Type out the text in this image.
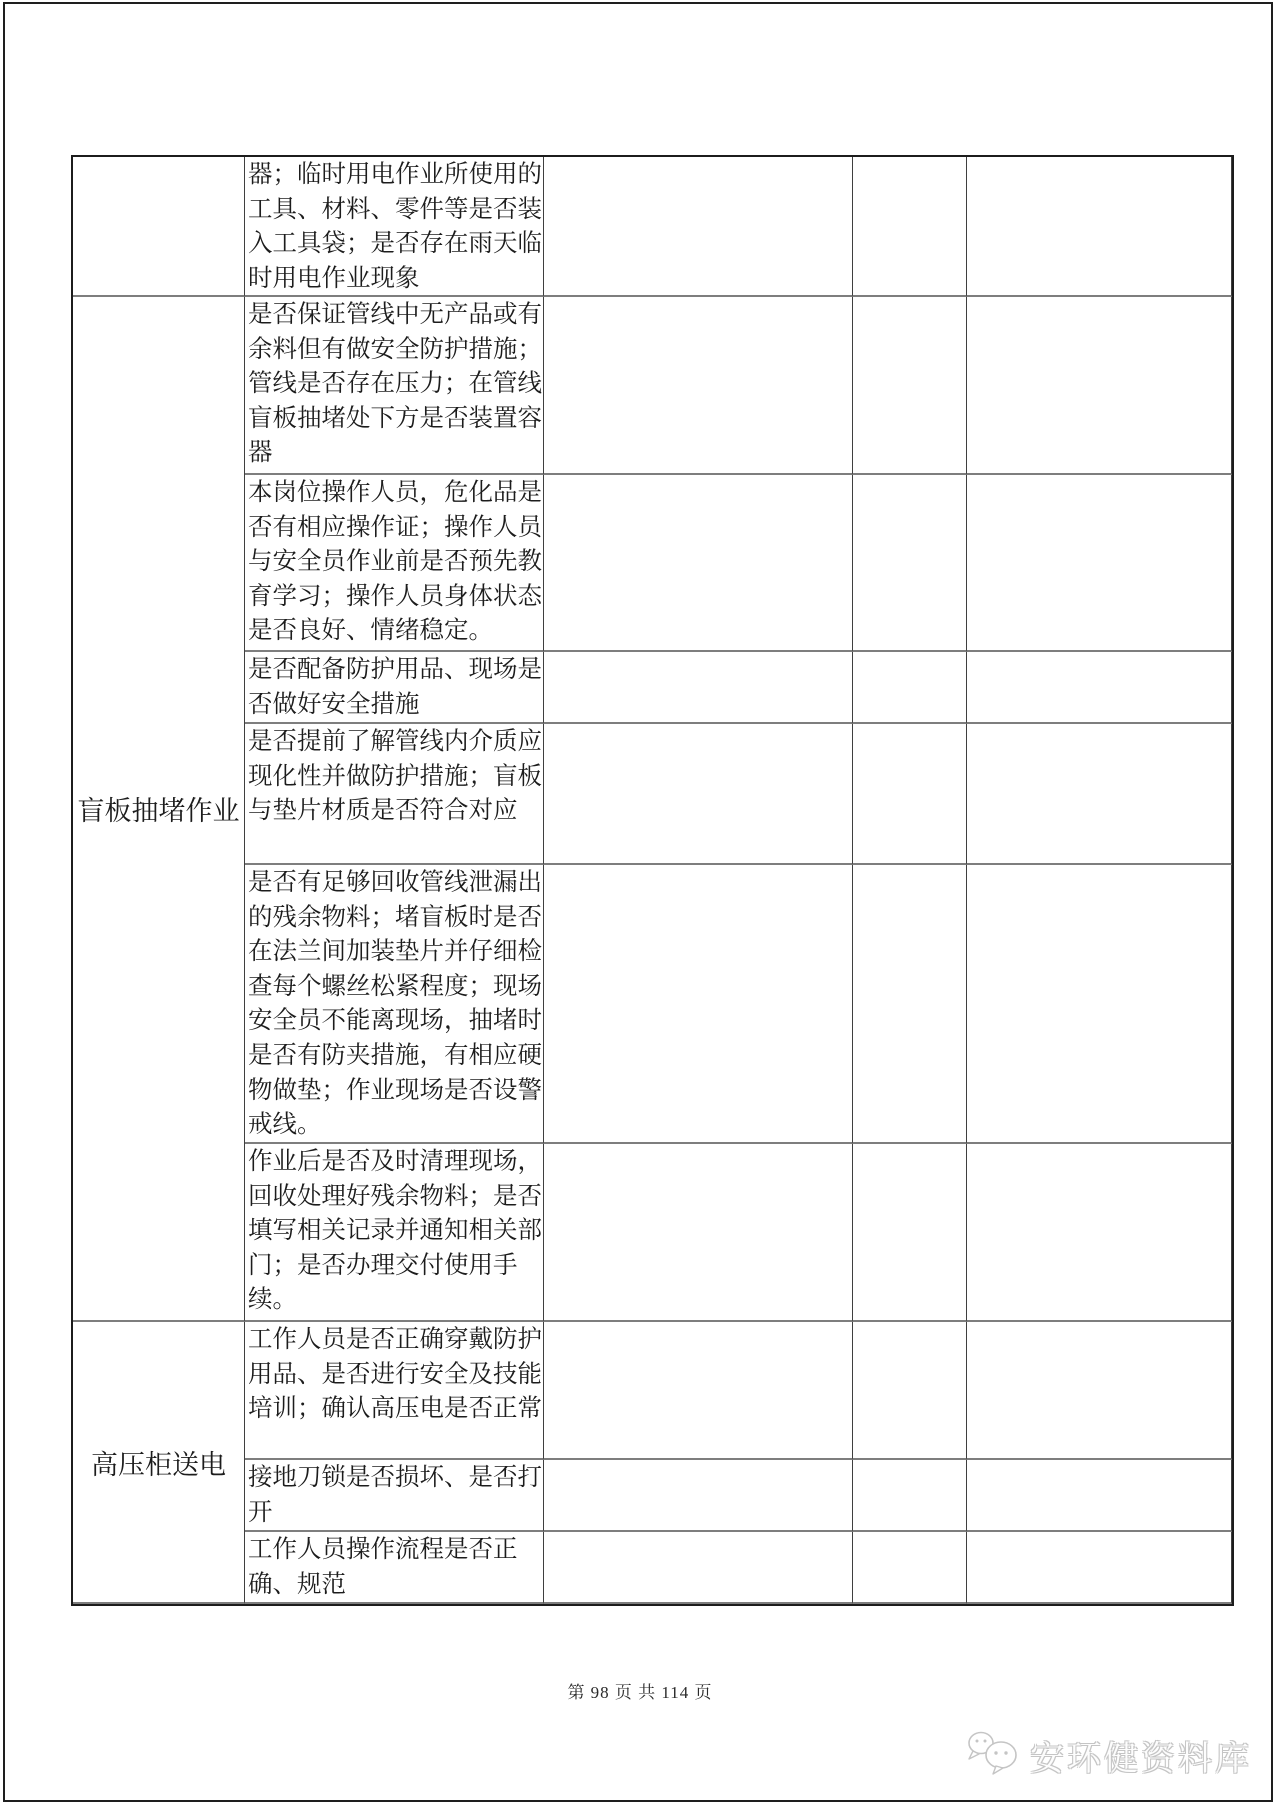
盲板抽堵作业
高压柜送电
器；临时用电作业所使用的工具、材料、零件等是否装入工具袋；是否存在雨天临时用电作业现象
是否保证管线中无产品或有余料但有做安全防护措施；管线是否存在压力；在管线盲板抽堵处下方是否装置容器
本岗位操作人员，危化品是否有相应操作证；操作人员与安全员作业前是否预先教育学习；操作人员身体状态是否良好、情绪稳定。
是否配备防护用品、现场是否做好安全措施
是否提前了解管线内介质应现化性并做防护措施；盲板与垫片材质是否符合对应
是否有足够回收管线泄漏出的残余物料；堵盲板时是否在法兰间加装垫片并仔细检查每个螺丝松紧程度；现场安全员不能离现场，抽堵时是否有防夹措施，有相应硬物做垫；作业现场是否设警戒线。
作业后是否及时清理现场，回收处理好残余物料；是否填写相关记录并通知相关部门；是否办理交付使用手续。
工作人员是否正确穿戴防护用品、是否进行安全及技能培训；确认高压电是否正常
接地刀锁是否损坏、是否打开
工作人员操作流程是否正确、规范
第 98 页 共 114 页
安环健资料库
